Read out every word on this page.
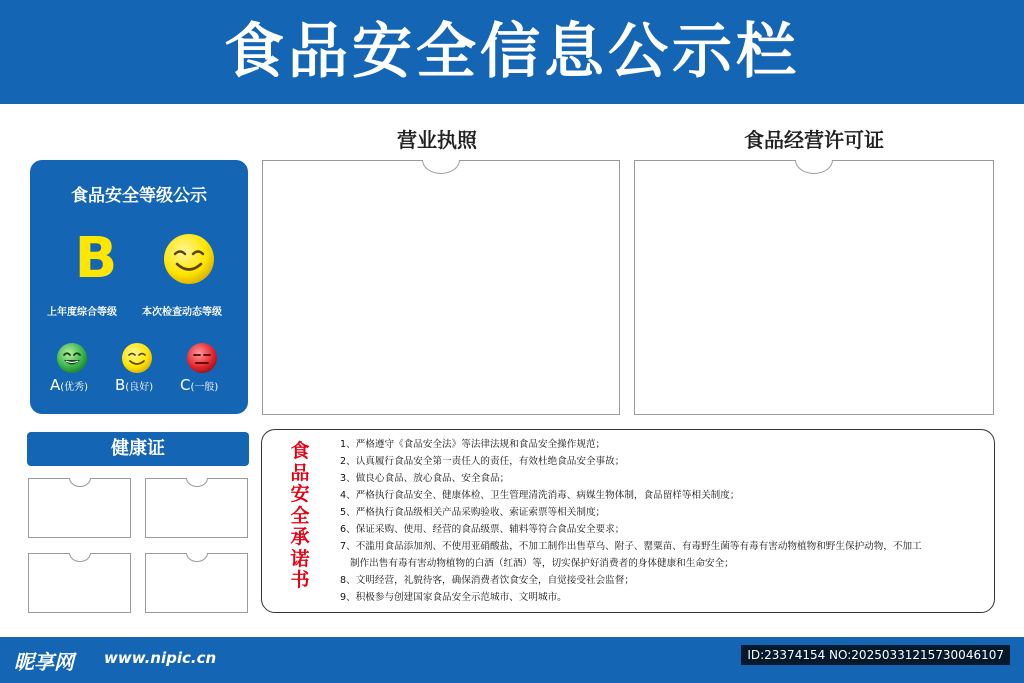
食品安全信息公示栏
营业执照	食品经营许可证
食品安全等级公示
B
上年度综合等级	本次检查动态等级
A(优秀) B(良好) C(一般)
健康证	食
品
安
全
承
诺
书
1、严格遵守《食品安全法》等法律法规和食品安全操作规范；
2、认真履行食品安全第一责任人的责任，有效杜绝食品安全事故；
3、做良心食品、放心食品、安全食品；
4、严格执行食品安全、健康体检、卫生管理清洗消毒、病媒生物体制，食品留样等相关制度；
5、严格执行食品级相关产品采购验收、索证索票等相关制度；
6、保证采购、使用、经营的食品级票、辅料等符合食品安全要求；
7、不滥用食品添加剂、不使用亚硝酸盐，不加工制作出售草乌、附子、罂粟苗、有毒野生菌等有毒有害动物植物和野生保护动物，不加工
制作出售有毒有害动物植物的白酒（红酒）等，切实保护好消费者的身体健康和生命安全；
8、文明经营，礼貌待客，确保消费者饮食安全，自觉接受社会监督；
9、积极参与创建国家食品安全示范城市、文明城市。
昵享网 www.nipic.cn	ID:23374154 NO:20250331215730046107
